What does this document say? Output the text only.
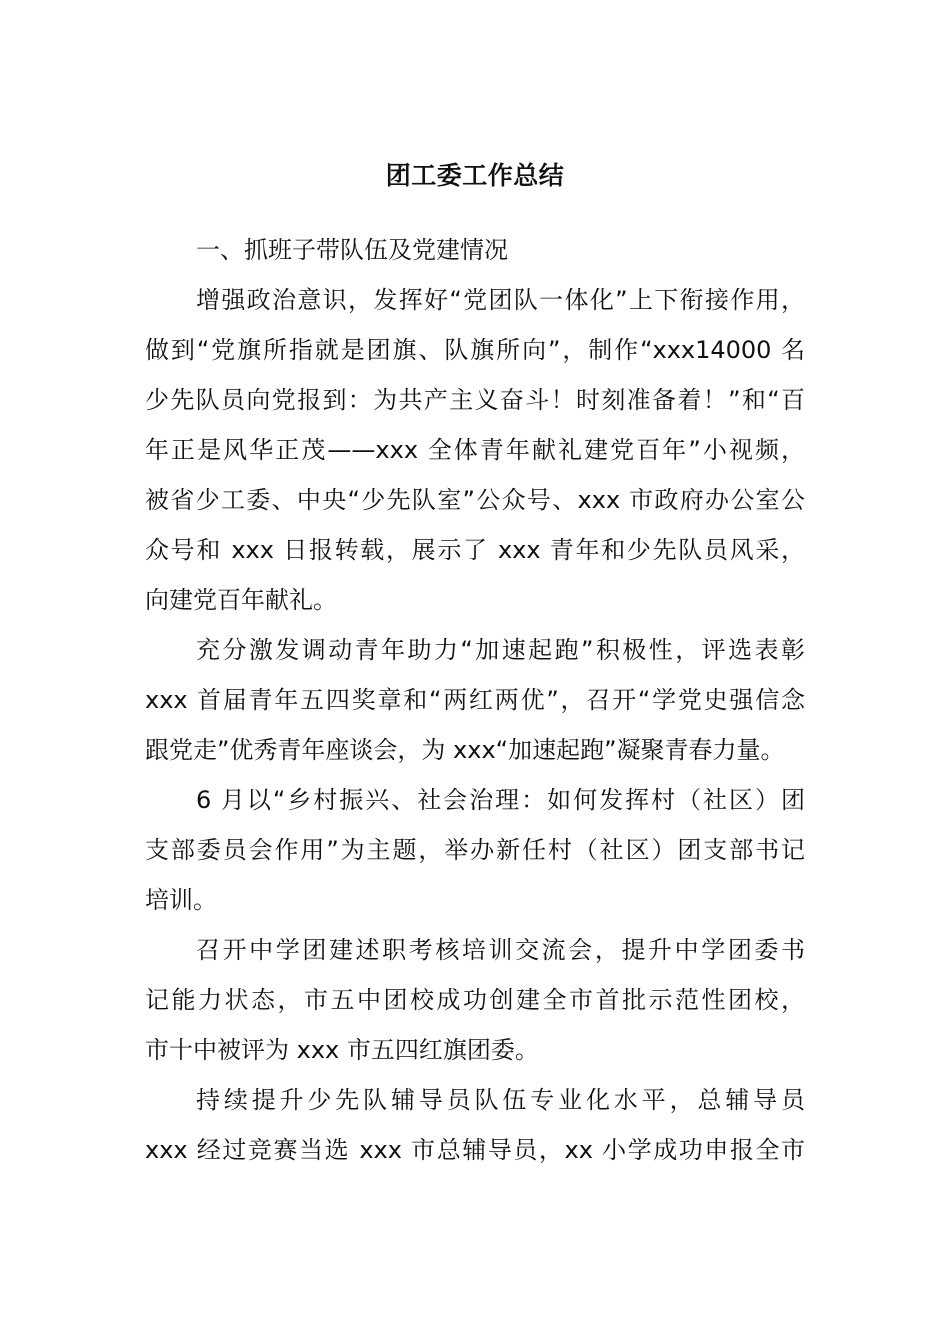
团工委工作总结
一、抓班子带队伍及党建情况
增强政治意识，发挥好“党团队一体化”上下衔接作用，
做到“党旗所指就是团旗、队旗所向”，制作“xxx14000 名
少先队员向党报到：为共产主义奋斗！时刻准备着！”和“百
年正是风华正茂——xxx 全体青年献礼建党百年”小视频，
被省少工委、中央“少先队室”公众号、xxx 市政府办公室公
众号和 xxx 日报转载，展示了 xxx 青年和少先队员风采，
向建党百年献礼。
充分激发调动青年助力“加速起跑”积极性，评选表彰
xxx 首届青年五四奖章和“两红两优”，召开“学党史强信念
跟党走”优秀青年座谈会，为 xxx“加速起跑”凝聚青春力量。
6 月以“乡村振兴、社会治理：如何发挥村（社区）团
支部委员会作用”为主题，举办新任村（社区）团支部书记
培训。
召开中学团建述职考核培训交流会，提升中学团委书
记能力状态，市五中团校成功创建全市首批示范性团校，
市十中被评为 xxx 市五四红旗团委。
持续提升少先队辅导员队伍专业化水平，总辅导员
xxx 经过竞赛当选 xxx 市总辅导员，xx 小学成功申报全市
